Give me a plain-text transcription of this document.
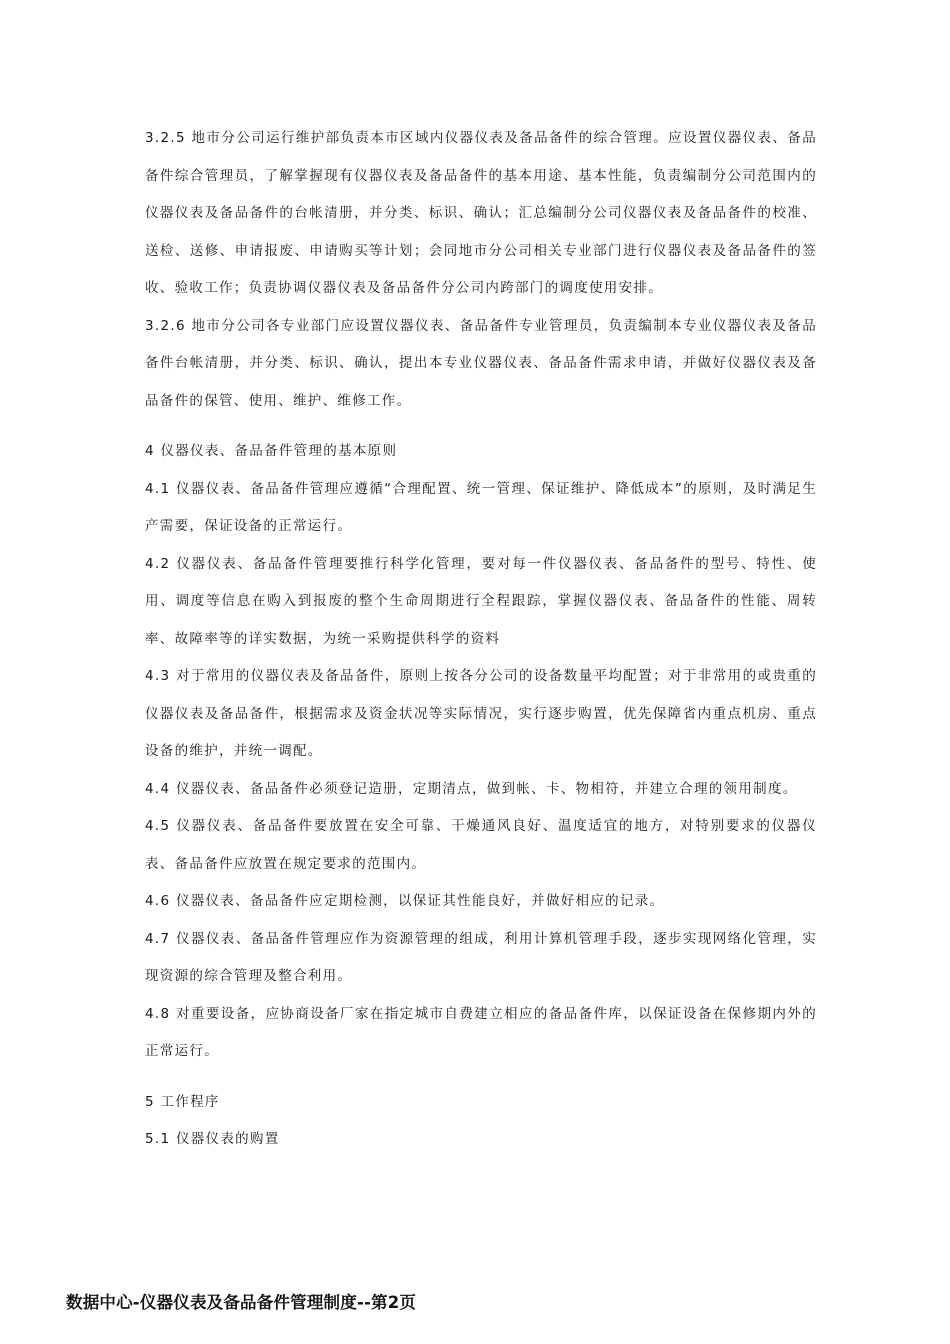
3.2.5 地市分公司运行维护部负责本市区域内仪器仪表及备品备件的综合管理。应设置仪器仪表、备品备件综合管理员，了解掌握现有仪器仪表及备品备件的基本用途、基本性能，负责编制分公司范围内的仪器仪表及备品备件的台帐清册，并分类、标识、确认；汇总编制分公司仪器仪表及备品备件的校准、送检、送修、申请报废、申请购买等计划；会同地市分公司相关专业部门进行仪器仪表及备品备件的签收、验收工作；负责协调仪器仪表及备品备件分公司内跨部门的调度使用安排。

3.2.6 地市分公司各专业部门应设置仪器仪表、备品备件专业管理员，负责编制本专业仪器仪表及备品备件台帐清册，并分类、标识、确认，提出本专业仪器仪表、备品备件需求申请，并做好仪器仪表及备品备件的保管、使用、维护、维修工作。

4 仪器仪表、备品备件管理的基本原则

4.1 仪器仪表、备品备件管理应遵循“合理配置、统一管理、保证维护、降低成本”的原则，及时满足生产需要，保证设备的正常运行。

4.2 仪器仪表、备品备件管理要推行科学化管理，要对每一件仪器仪表、备品备件的型号、特性、使用、调度等信息在购入到报废的整个生命周期进行全程跟踪，掌握仪器仪表、备品备件的性能、周转率、故障率等的详实数据，为统一采购提供科学的资料

4.3 对于常用的仪器仪表及备品备件，原则上按各分公司的设备数量平均配置；对于非常用的或贵重的仪器仪表及备品备件，根据需求及资金状况等实际情况，实行逐步购置，优先保障省内重点机房、重点设备的维护，并统一调配。

4.4 仪器仪表、备品备件必须登记造册，定期清点，做到帐、卡、物相符，并建立合理的领用制度。

4.5 仪器仪表、备品备件要放置在安全可靠、干燥通风良好、温度适宜的地方，对特别要求的仪器仪表、备品备件应放置在规定要求的范围内。

4.6 仪器仪表、备品备件应定期检测，以保证其性能良好，并做好相应的记录。

4.7 仪器仪表、备品备件管理应作为资源管理的组成，利用计算机管理手段，逐步实现网络化管理，实现资源的综合管理及整合利用。

4.8 对重要设备，应协商设备厂家在指定城市自费建立相应的备品备件库，以保证设备在保修期内外的正常运行。

5 工作程序

5.1 仪器仪表的购置

数据中心-仪器仪表及备品备件管理制度--第2页
